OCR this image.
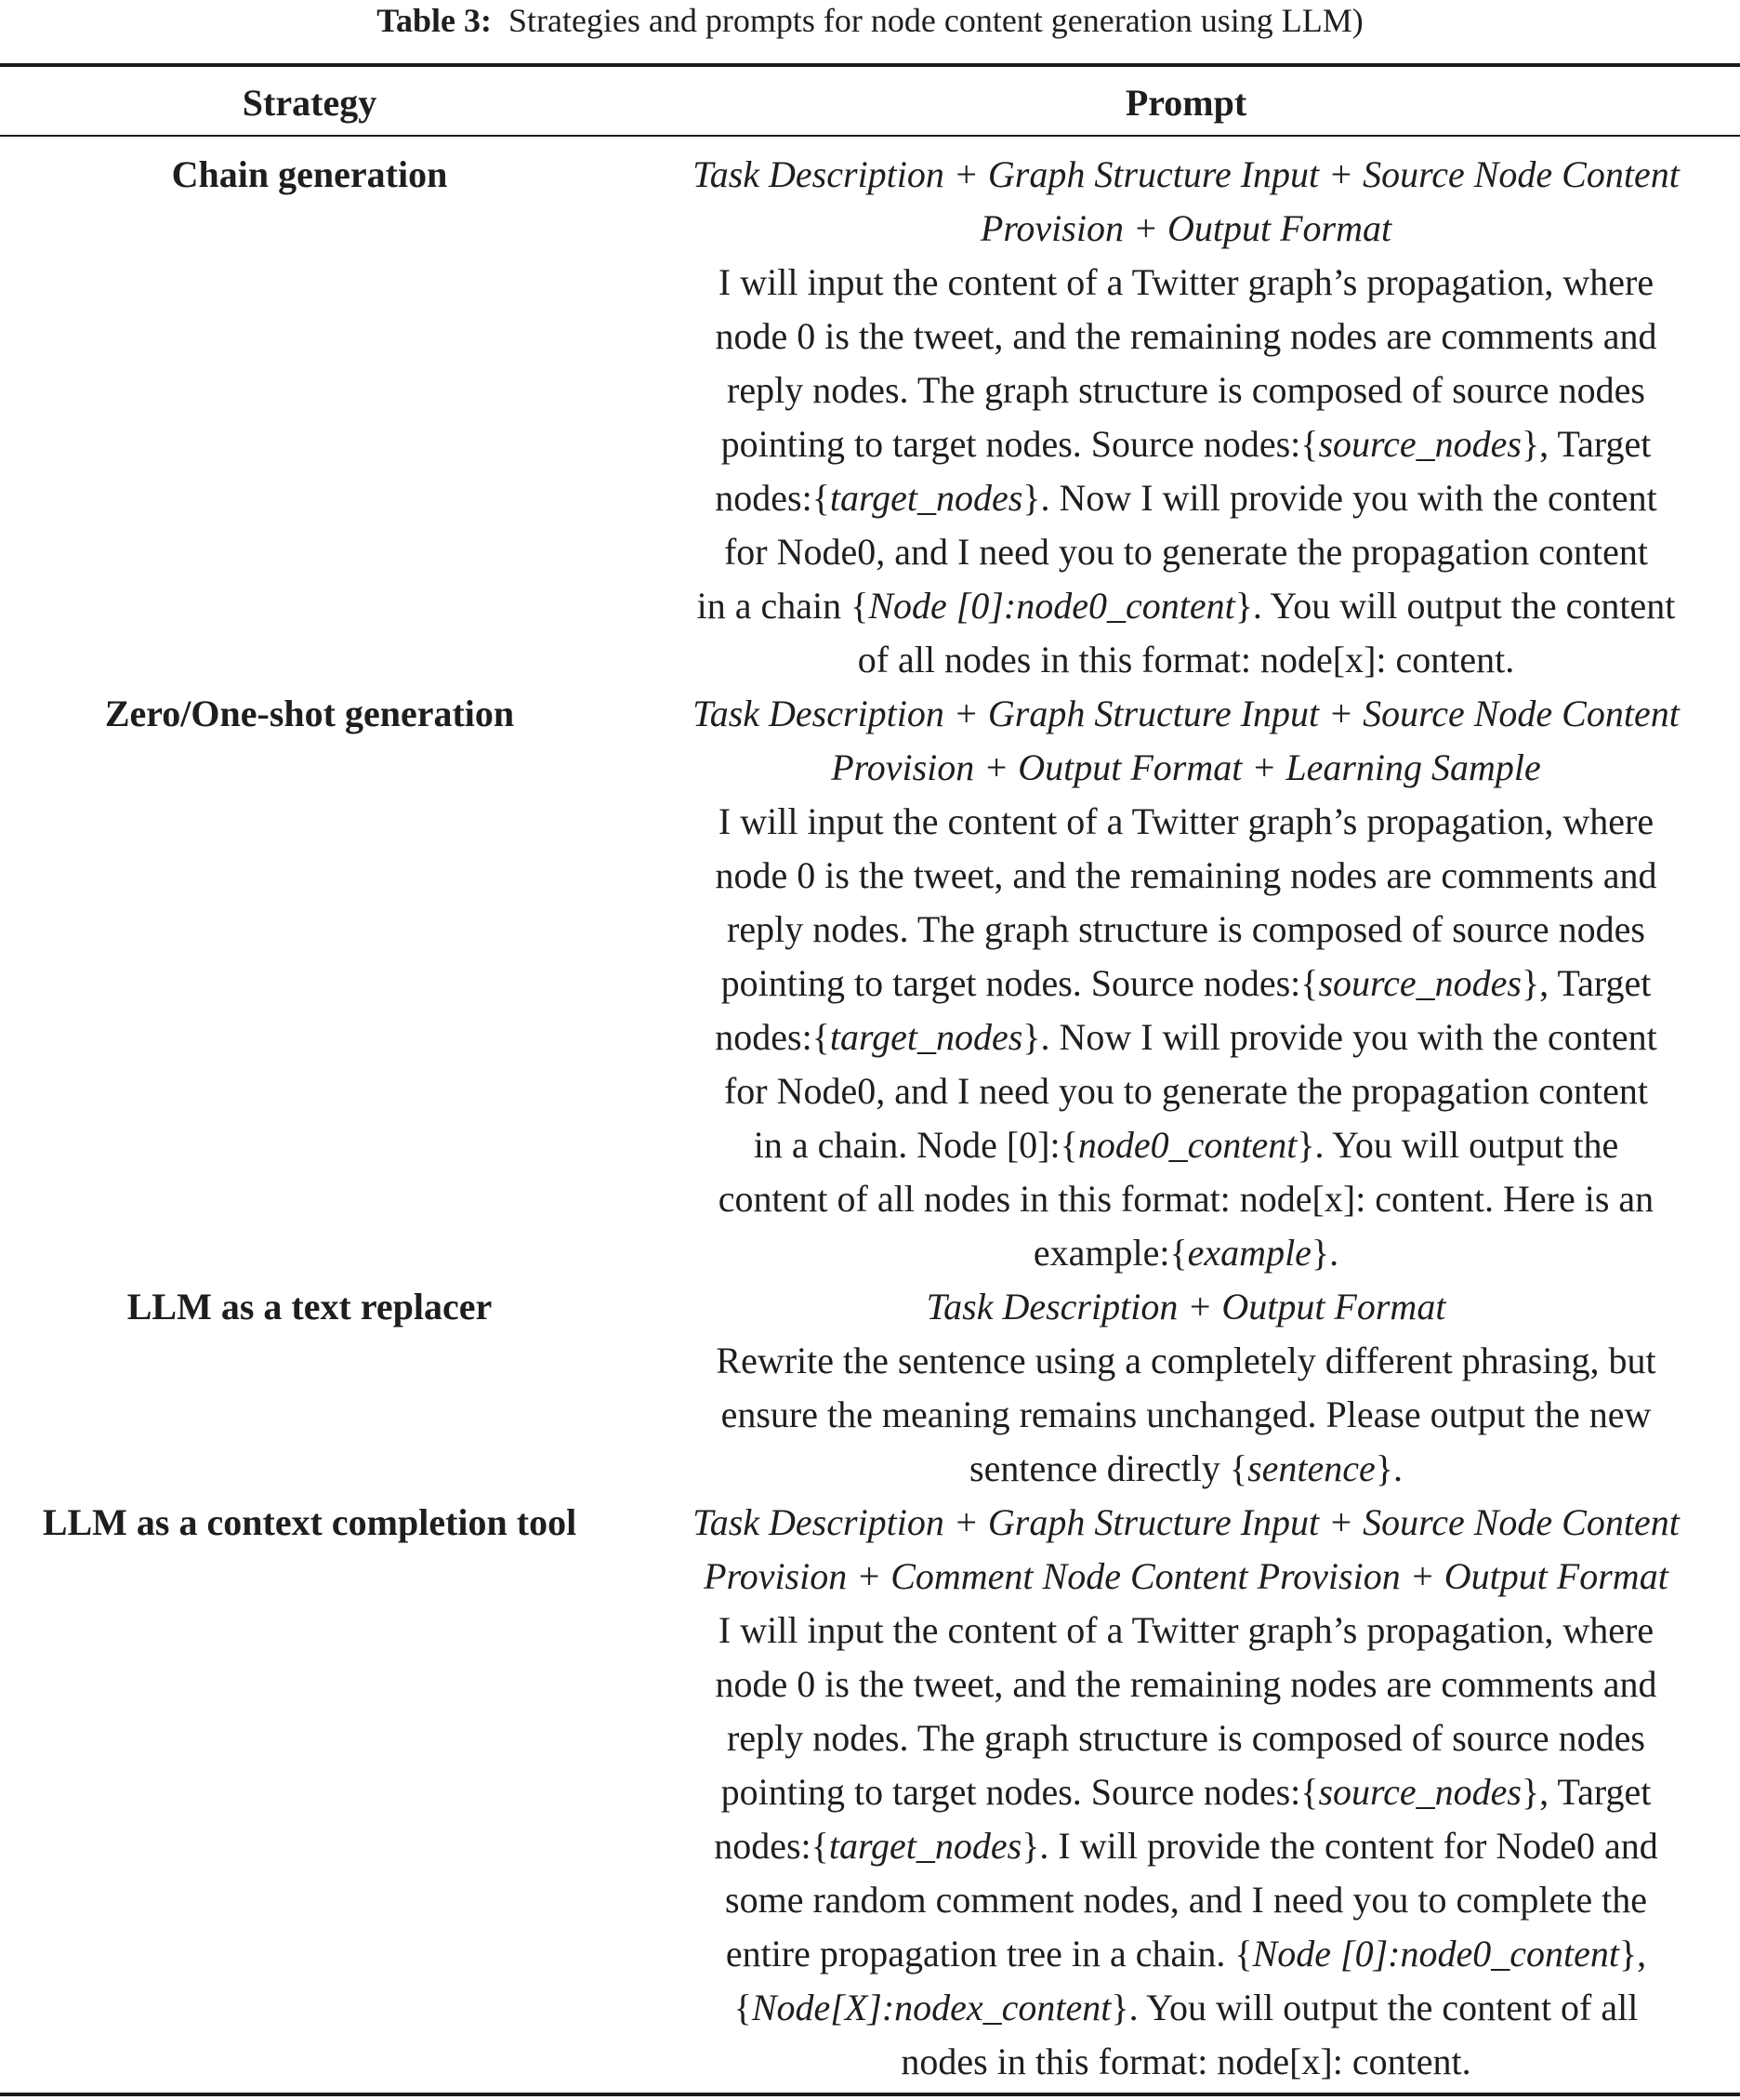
Table 3: Strategies and prompts for node content generation using LLM)
Strategy	Prompt
Chain generation	Task Description + Graph Structure Input + Source Node Content

Provision + Output Format

I will input the content of a Twitter graph’s propagation, where

node 0 is the tweet, and the remaining nodes are comments and

reply nodes. The graph structure is composed of source nodes

pointing to target nodes. Source nodes:{source_nodes}, Target

nodes:{target_nodes}. Now I will provide you with the content

for Node0, and I need you to generate the propagation content

in a chain {Node [0]:node0_content}. You will output the content

of all nodes in this format: node[x]: content.

Zero/One-shot generation	Task Description + Graph Structure Input + Source Node Content

Provision + Output Format + Learning Sample

I will input the content of a Twitter graph’s propagation, where

node 0 is the tweet, and the remaining nodes are comments and

reply nodes. The graph structure is composed of source nodes

pointing to target nodes. Source nodes:{source_nodes}, Target

nodes:{target_nodes}. Now I will provide you with the content

for Node0, and I need you to generate the propagation content

in a chain. Node [0]:{node0_content}. You will output the

content of all nodes in this format: node[x]: content. Here is an

example:{example}.

LLM as a text replacer	Task Description + Output Format

Rewrite the sentence using a completely different phrasing, but

ensure the meaning remains unchanged. Please output the new

sentence directly {sentence}.

LLM as a context completion tool	Task Description + Graph Structure Input + Source Node Content

Provision + Comment Node Content Provision + Output Format

I will input the content of a Twitter graph’s propagation, where

node 0 is the tweet, and the remaining nodes are comments and

reply nodes. The graph structure is composed of source nodes

pointing to target nodes. Source nodes:{source_nodes}, Target

nodes:{target_nodes}. I will provide the content for Node0 and

some random comment nodes, and I need you to complete the

entire propagation tree in a chain. {Node [0]:node0_content},

{Node[X]:nodex_content}. You will output the content of all

nodes in this format: node[x]: content.
